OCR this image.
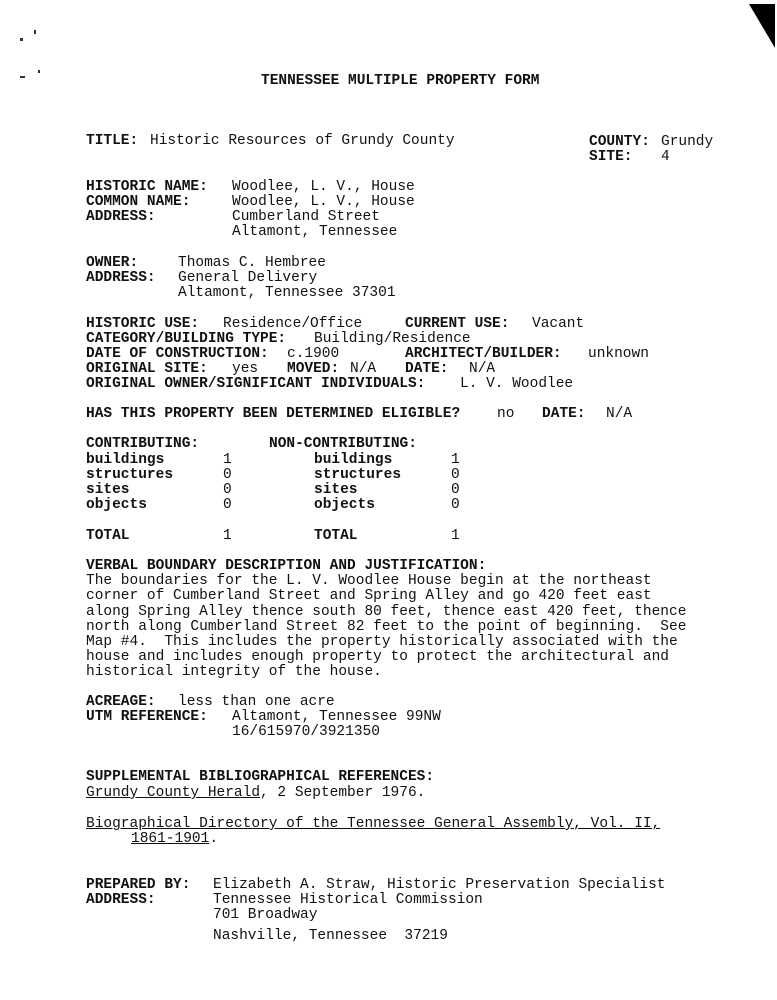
TENNESSEE MULTIPLE PROPERTY FORM
TITLE: Historic Resources of Grundy County	COUNTY: Grundy
SITE: 4
HISTORIC NAME: Woodlee, L. V., House
COMMON NAME:	Woodlee, L. V., House
ADDRESS:	Cumberland Street
Altamont, Tennessee
OWNER:	Thomas C. Hembree
ADDRESS: General Delivery
Altamont, Tennessee 37301
HISTORIC USE: Residence/Office	CURRENT USE: Vacant
CATEGORY/BUILDING TYPE: Building/Residence
DATE OF CONSTRUCTION: c.1900	ARCHITECT/BUILDER: unknown
ORIGINAL SITE: yes MOVED: N/A DATE: N/A
ORIGINAL OWNER/SIGNIFICANT INDIVIDUALS: L. V. Woodlee
HAS THIS PROPERTY BEEN DETERMINED ELIGIBLE?	no DATE: N/A
CONTRIBUTING:	NON-CONTRIBUTING:
buildings	1	buildings	1
structures	0	structures	0
sites	0	sites	0
objects	0	objects	0
TOTAL	1	TOTAL	1
VERBAL BOUNDARY DESCRIPTION AND JUSTIFICATION:
The boundaries for the L. V. Woodlee House begin at the northeast
corner of Cumberland Street and Spring Alley and go 420 feet east
along Spring Alley thence south 80 feet, thence east 420 feet, thence
north along Cumberland Street 82 feet to the point of beginning.  See
Map #4.  This includes the property historically associated with the
house and includes enough property to protect the architectural and
historical integrity of the house.
ACREAGE: less than one acre
UTM REFERENCE: Altamont, Tennessee 99NW
16/615970/3921350
SUPPLEMENTAL BIBLIOGRAPHICAL REFERENCES:
Grundy County Herald, 2 September 1976.
Biographical Directory of the Tennessee General Assembly, Vol. II,
1861-1901.
PREPARED BY: Elizabeth A. Straw, Historic Preservation Specialist
ADDRESS:	Tennessee Historical Commission
701 Broadway
Nashville, Tennessee  37219
